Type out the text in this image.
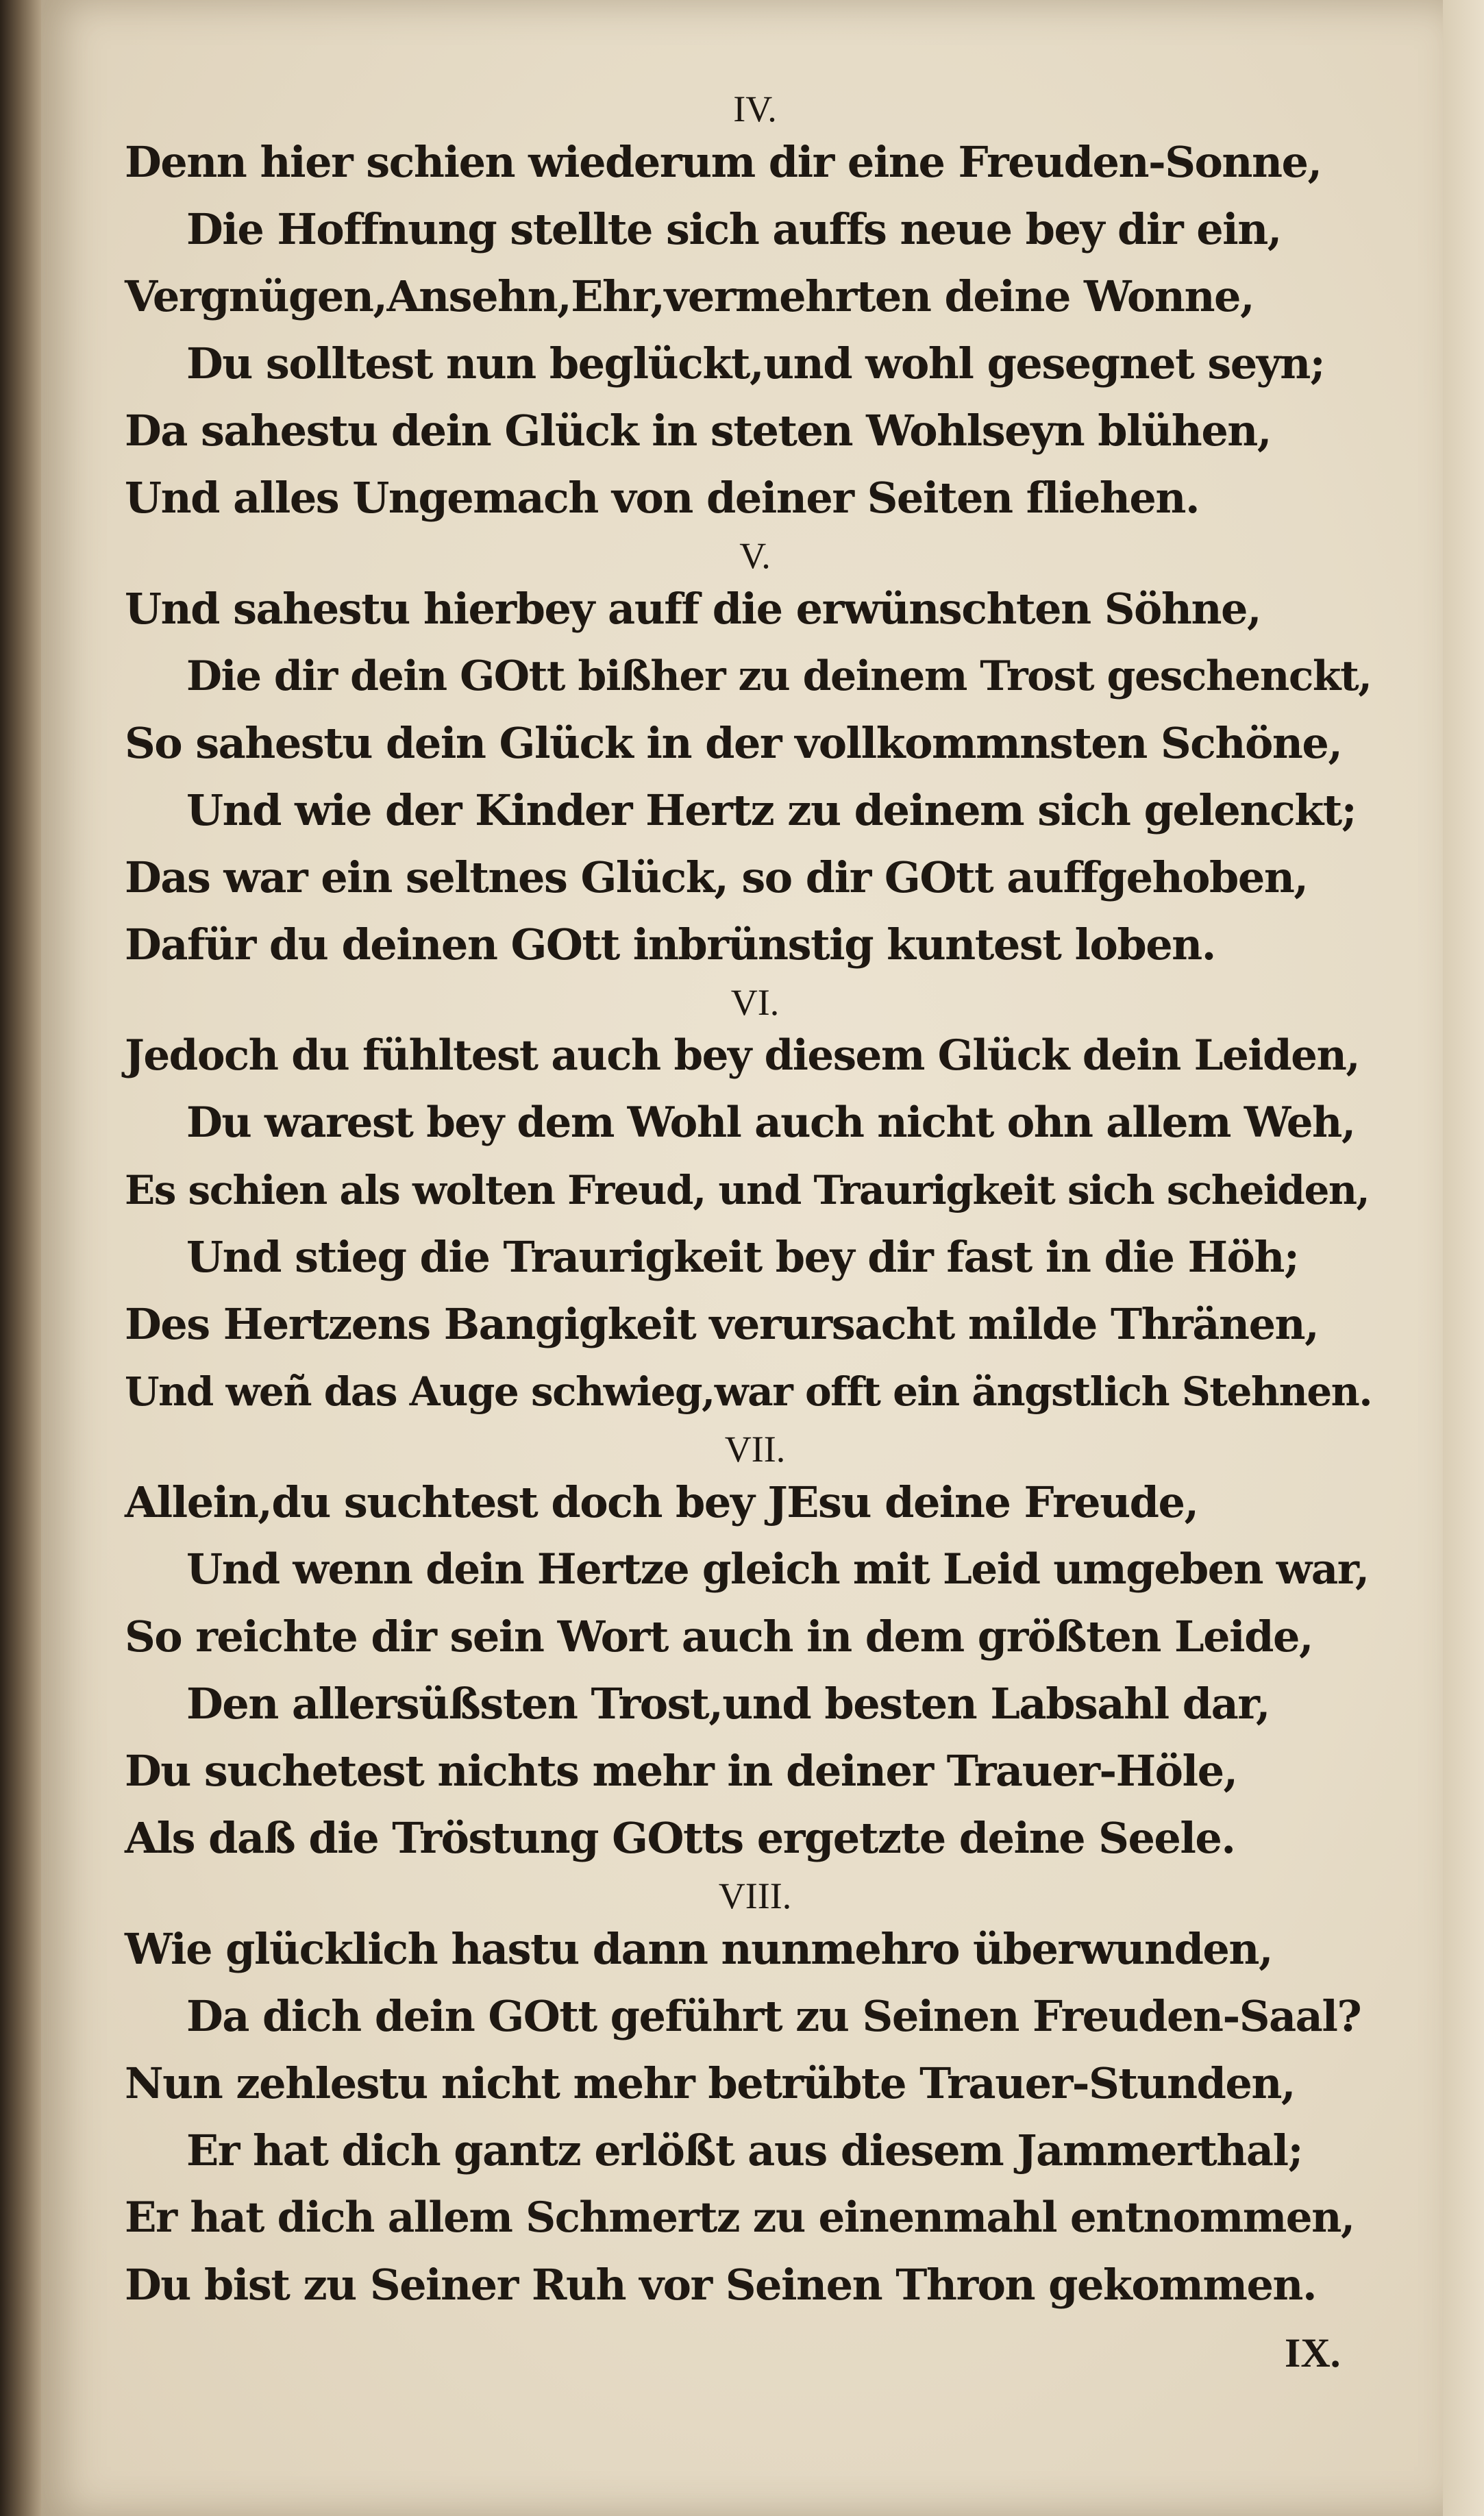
IV.
Denn hier schien wiederum dir eine Freuden-Sonne,
Die Hoffnung stellte sich auffs neue bey dir ein,
Vergnügen,Ansehn,Ehr,vermehrten deine Wonne,
Du solltest nun beglückt,und wohl gesegnet seyn;
Da sahestu dein Glück in steten Wohlseyn blühen,
Und alles Ungemach von deiner Seiten fliehen.
V.
Und sahestu hierbey auff die erwünschten Söhne,
Die dir dein GOtt bißher zu deinem Trost geschenckt,
So sahestu dein Glück in der vollkommnsten Schöne,
Und wie der Kinder Hertz zu deinem sich gelenckt;
Das war ein seltnes Glück, so dir GOtt auffgehoben,
Dafür du deinen GOtt inbrünstig kuntest loben.
VI.
Jedoch du fühltest auch bey diesem Glück dein Leiden,
Du warest bey dem Wohl auch nicht ohn allem Weh,
Es schien als wolten Freud, und Traurigkeit sich scheiden,
Und stieg die Traurigkeit bey dir fast in die Höh;
Des Hertzens Bangigkeit verursacht milde Thränen,
Und weñ das Auge schwieg,war offt ein ängstlich Stehnen.
VII.
Allein,du suchtest doch bey JEsu deine Freude,
Und wenn dein Hertze gleich mit Leid umgeben war,
So reichte dir sein Wort auch in dem größten Leide,
Den allersüßsten Trost,und besten Labsahl dar,
Du suchetest nichts mehr in deiner Trauer-Höle,
Als daß die Tröstung GOtts ergetzte deine Seele.
VIII.
Wie glücklich hastu dann nunmehro überwunden,
Da dich dein GOtt geführt zu Seinen Freuden-Saal?
Nun zehlestu nicht mehr betrübte Trauer-Stunden,
Er hat dich gantz erlößt aus diesem Jammerthal;
Er hat dich allem Schmertz zu einenmahl entnommen,
Du bist zu Seiner Ruh vor Seinen Thron gekommen.
IX.
